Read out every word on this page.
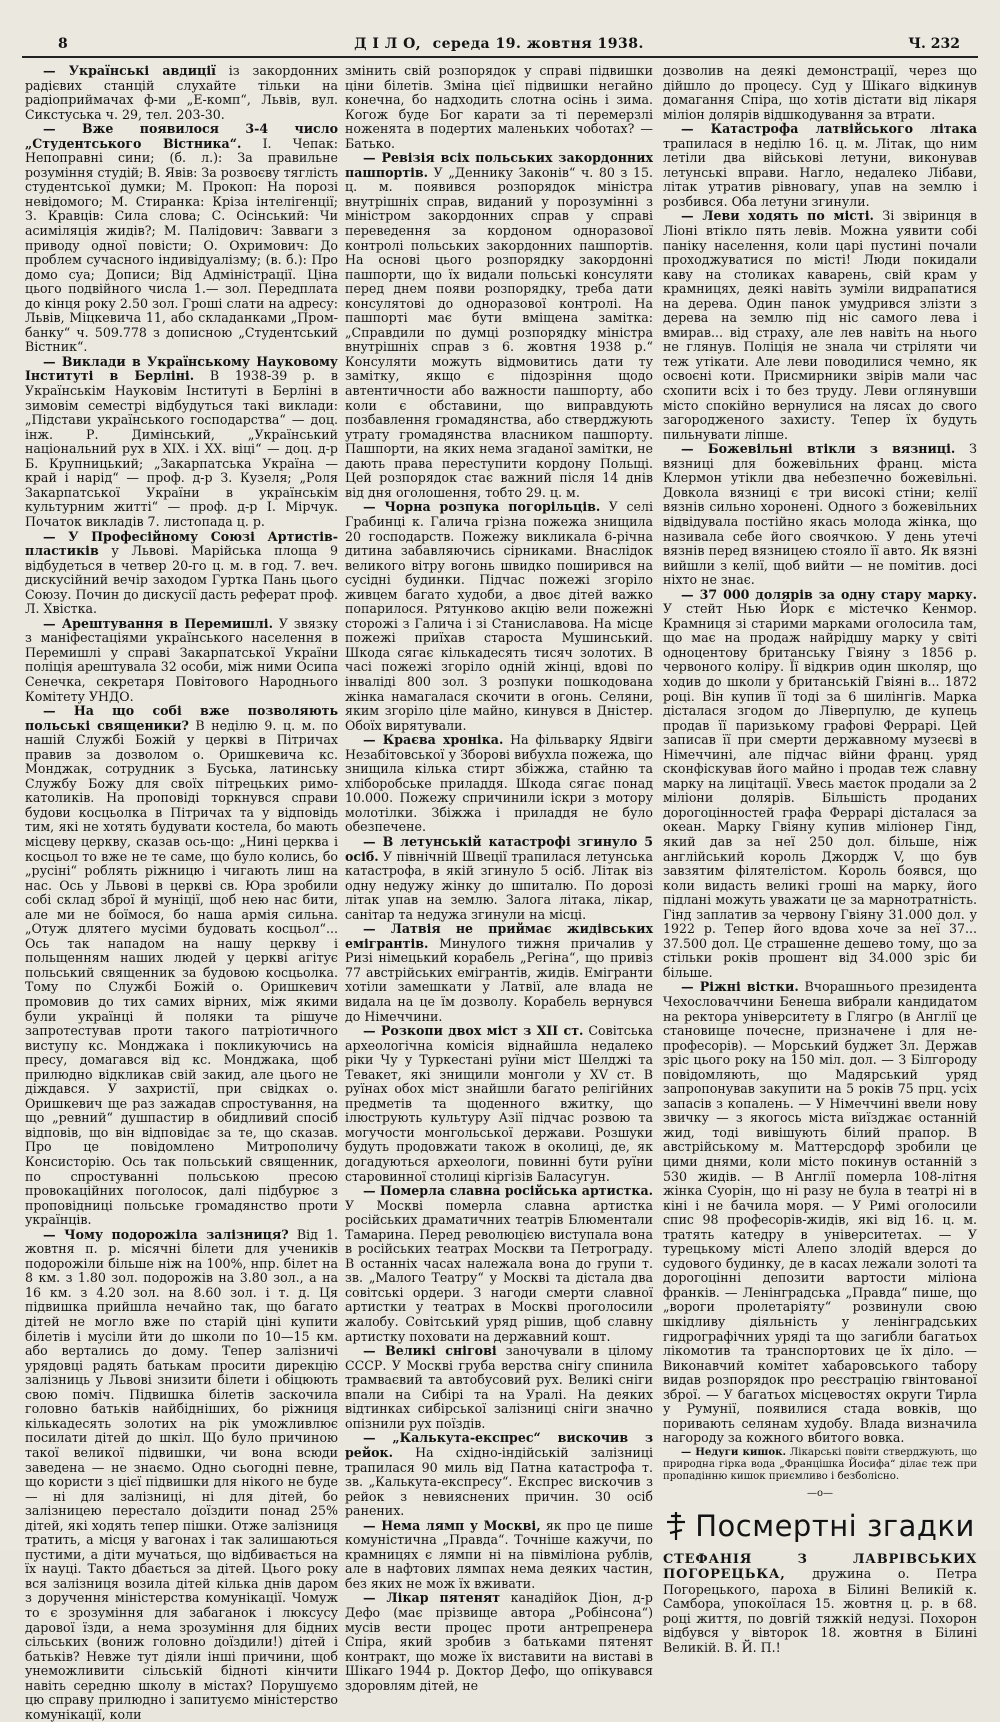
8	Д І Л О, середа 19. жовтня 1938.	Ч. 232

— Українські авдиції із закордонних радієвих станцій слухайте тільки на радіоприймачах ф-ми „Е-комп“, Львів, вул. Сикстуська ч. 29, тел. 203-30.

— Вже появилося 3-4 число „Студентського Вістника“. І. Чепак: Непоправні сини; (б. л.): За правильне розуміння студій; В. Явів: За розвоєву тяглість студентської думки; М. Прокоп: На порозі невідомого; М. Стиранка: Кріза інтелігенції; З. Кравців: Сила слова; С. Осінський: Чи асиміляція жидів?; М. Палідович: Завваги з приводу одної повісти; О. Охримович: До проблем сучасного індивідуалізму; (в. б.): Про домо суа; Дописи; Від Адміністрації. Ціна цього подвійного числа 1.— зол. Передплата до кінця року 2.50 зол. Гроші слати на адресу: Львів, Міцкевича 11, або складанками „Пром-банку“ ч. 509.778 з дописною „Студентський Вістник“.

— Виклади в Українському Науковому Інституті в Берліні. В 1938-39 р. в Українськім Науковім Інституті в Берліні в зимовім семестрі відбудуться такі виклади: „Підстави українського господарства“ — доц. інж. Р. Димінський, „Український національний рух в XIX. і XX. віці“ — доц. д-р Б. Крупницький; „Закарпатська Україна — край і нарід“ — проф. д-р З. Кузеля; „Роля Закарпатської України в українськім культурним житті“ — проф. д-р І. Мірчук. Початок викладів 7. листопада ц. р.

— У Професійному Союзі Артистів-пластиків у Львові. Марійська площа 9 відбудеться в четвер 20-го ц. м. в год. 7. веч. дискусійний вечір заходом Гуртка Пань цього Союзу. Почин до дискусії дасть реферат проф. Л. Хвістка.

— Арештування в Перемишлі. У звязку з маніфестаціями українського населення в Перемишлі у справі Закарпатської України поліція арештувала 32 особи, між ними Осипа Сенечка, секретаря Повітового Народнього Комітету УНДО.

— На що собі вже позволяють польські священики? В неділю 9. ц. м. по нашій Службі Божій у церкві в Пітричах правив за дозволом о. Оришкевича кс. Монджак, сотрудник з Буська, латинську Службу Божу для своїх пітрецьких римо-католиків. На проповіді торкнувся справи будови косцьолка в Пітричах та у відповідь тим, які не хотять будувати костела, бо мають місцеву церкву, сказав ось-що: „Нині церква і косцьол то вже не те саме, що було колись, бо „русіні“ роблять ріжницю і чигають лиш на нас. Ось у Львові в церкві св. Юра зробили собі склад зброї й муніції, щоб нею нас бити, але ми не боїмося, бо наша армія сильна. „Отуж длятего мусіми будовать косцьол“... Ось так нападом на нашу церкву і польщенням наших людей у церкві агітує польський священник за будовою косцьолка. Тому по Службі Божій о. Оришкевич промовив до тих самих вірних, між якими були українці й поляки та рішуче запротестував проти такого патріотичного виступу кс. Монджака і покликуючись на пресу, домагався від кс. Монджака, щоб прилюдно відкликав свій закид, але цього не діждався. У захристії, при свідках о. Оришкевич ще раз зажадав спростування, на що „ревний“ душпастир в обидливий спосіб відповів, що він відповідає за те, що сказав. Про це повідомлено Митрополичу Консисторію. Ось так польський священник, по спростуванні польською пресою провокаційних поголосок, далі підбурює з проповідниці польське громадянство проти українців.

— Чому подорожіла залізниця? Від 1. жовтня п. р. місячні білети для учеників подорожіли більше ніж на 100%, нпр. білет на 8 км. з 1.80 зол. подорожів на 3.80 зол., а на 16 км. з 4.20 зол. на 8.60 зол. і т. д. Ця підвишка прийшла нечайно так, що багато дітей не могло вже по старій ціні купити білетів і мусіли йти до школи по 10—15 км. або вертались до дому. Тепер залізничі урядовці радять батькам просити дирекцію залізниць у Львові знизити білети і обіцюють свою поміч. Підвишка білетів заскочила головно батьків найбідніших, бо ріжниця кількадесять золотих на рік уможливлює посилати дітей до шкіл. Що було причиною такої великої підвишки, чи вона всюди заведена — не знаємо. Одно сьогодні певне, що користи з цієї підвишки для нікого не буде — ні для залізниці, ні для дітей, бо залізницею перестало доїздити понад 25% дітей, які ходять тепер пішки. Отже залізниця тратить, а місця у вагонах і так залишаються пустими, а діти мучаться, що відбивається на їх науці. Такто дбається за дітей. Цього року вся залізниця возила дітей кілька днів даром з доручення міністерства комунікації. Чомуж то є зрозуміння для забаганок і люксусу дарової їзди, а нема зрозуміння для бідних сільських (вониж головно доїздили!) дітей і батьків? Невже тут діяли інші причини, щоб унеможливити сільській бідноті кінчити навіть середню школу в містах? Порушуємо цю справу прилюдно і запитуємо міністерство комунікації, коли

змінить свій розпорядок у справі підвишки ціни білетів. Зміна цієї підвишки негайно конечна, бо надходить слотна осінь і зима. Когож буде Бог карати за ті перемерзлі ноженята в подертих маленьких чоботах? — Батько.

— Ревізія всіх польських закордонних пашпортів. У „Деннику Законів“ ч. 80 з 15. ц. м. появився розпорядок міністра внутрішніх справ, виданий у порозумінні з міністром закордонних справ у справі переведення за кордоном одноразової контролі польських закордонних пашпортів. На основі цього розпорядку закордонні пашпорти, що їх видали польські консуляти перед днем появи розпорядку, треба дати консулятові до одноразової контролі. На пашпорті має бути вміщена замітка: „Справдили по думці розпорядку міністра внутрішніх справ з 6. жовтня 1938 р.“ Консуляти можуть відмовитись дати ту замітку, якщо є підозріння щодо автентичности або важности пашпорту, або коли є обставини, що виправдують позбавлення громадянства, або стверджують утрату громадянства власником пашпорту. Пашпорти, на яких нема згаданої замітки, не дають права переступити кордону Польщі. Цей розпорядок стає важний після 14 днів від дня оголошення, тобто 29. ц. м.

— Чорна розпука погорільців. У селі Грабинці к. Галича грізна пожежа знищила 20 господарств. Пожежу викликала 6-річна дитина забавляючись сірниками. Внаслідок великого вітру вогонь швидко поширився на сусідні будинки. Підчас пожежі згоріло живцем багато худоби, а двоє дітей важко попарилося. Рятунково акцію вели пожежні сторожі з Галича і зі Станиславова. На місце пожежі приїхав староста Мушинський. Шкода сягає кількадесять тисяч золотих. В часі пожежі згоріло одній жінці, вдові по інваліді 800 зол. З розпуки пошкодована жінка намагалася скочити в огонь. Селяни, яким згоріло ціле майно, кинувся в Дністер. Обоїх вирятували.

— Краєва хроніка. На фільварку Ядвіги Незабітовської у Зборові вибухла пожежа, що знищила кілька стирт збіжжа, стайню та хліборобське приладдя. Шкода сягає понад 10.000. Пожежу спричинили іскри з мотору молотілки. Збіжжа і приладдя не було обезпечене.

— В летунській катастрофі згинуло 5 осіб. У північній Швеції трапилася летунська катастрофа, в якій згинуло 5 осіб. Літак віз одну недужу жінку до шпиталю. По дорозі літак упав на землю. Залога літака, лікар, санітар та недужа згинули на місці.

— Латвія не приймає жидівських емігрантів. Минулого тижня причалив у Ризі німецький корабель „Регіна“, що привіз 77 австрійських емігрантів, жидів. Емігранти хотіли замешкати у Латвії, але влада не видала на це їм дозволу. Корабель вернувся до Німеччини.

— Розкопи двох міст з XII ст. Совітська археологічна комісія віднайшла недалеко ріки Чу у Туркестані руїни міст Шелджі та Тевакет, які знищили монголи у XV ст. В руїнах обох міст знайшли багато релігійних предметів та щоденного вжитку, що ілюструють культуру Азії підчас розвою та могучости монгольської держави. Розшуки будуть продовжати також в околиці, де, як догадуються археологи, повинні бути руїни старовинної столиці кіргізів Баласугун.

— Померла славна російська артистка. У Москві померла славна артистка російських драматичних театрів Блюментали Тамарина. Перед революцією виступала вона в російських театрах Москви та Петрограду. В останніх часах належала вона до групи т. зв. „Малого Театру“ у Москві та дістала два совітські ордери. З нагоди смерти славної артистки у театрах в Москві проголосили жалобу. Совітський уряд рішив, щоб славну артистку поховати на державний кошт.

— Великі снігові заночували в цілому СССР. У Москві груба верства снігу спинила трамваєвий та автобусовий рух. Великі сніги впали на Сибірі та на Уралі. На деяких відтинках сибірської залізниці сніги значно опізнили рух поїздів.

— „Калькута-експрес“ вискочив з рейок. На східно-індійській залізниці трапилася 90 миль від Патна катастрофа т. зв. „Калькута-експресу“. Експрес вискочив з рейок з невияснених причин. 30 осіб ранених.

— Нема лямп у Москві, як про це пише комуністична „Правда“. Точніше кажучи, по крамницях є лямпи ні на півміліона рублів, але в нафтових лямпах нема деяких частин, без яких не мож їх вживати.

— Лікар пятенят канадійок Діон, д-р Дефо (має прізвище автора „Робінсона“) мусів вести процес проти антрепренера Спіра, який зробив з батьками пятенят контракт, що може їх виставити на виставі в Шікаго 1944 р. Доктор Дефо, що опікувався здоровлям дітей, не

дозволив на деякі демонстрації, через що дійшло до процесу. Суд у Шікаго відкинув домагання Спіра, що хотів дістати від лікаря міліон долярів відшкодування за втрати.

— Катастрофа латвійського літака трапилася в неділю 16. ц. м. Літак, що ним летіли два військові летуни, виконував летунські вправи. Нагло, недалеко Лібави, літак утратив рівновагу, упав на землю і розбився. Оба летуни згинули.

— Леви ходять по місті. Зі звіринця в Ліоні втікло пять левів. Можна уявити собі паніку населення, коли царі пустині почали проходжуватися по місті! Люди покидали каву на столиках каварень, свій крам у крамницях, деякі навіть зуміли видрапатися на дерева. Один панок умудрився злізти з дерева на землю під ніс самого лева і вмирав... від страху, але лев навіть на нього не глянув. Поліція не знала чи стріляти чи теж утікати. Але леви поводилися чемно, як освоєні коти. Присмирники звірів мали час схопити всіх і то без труду. Леви оглянувши місто спокійно вернулися на лясах до свого загородженого захисту. Тепер їх будуть пильнувати ліпше.

— Божевільні втікли з вязниці. З вязниці для божевільних франц. міста Клермон утікли два небезпечно божевільні. Довкола вязниці є три високі стіни; келії вязнів сильно хоронені. Одного з божевільних відвідувала постійно якась молода жінка, що називала себе його своячкою. У день утечі вязнів перед вязницею стояло її авто. Як вязні вийшли з келії, щоб вийти — не помітив. досі ніхто не знає.

— 37 000 долярів за одну стару марку. У стейт Нью Йорк є містечко Кенмор. Крамниця зі старими марками оголосила там, що має на продаж найрідшу марку у світі одноцентову британську Гвіяну з 1856 р. червоного коліру. Її відкрив один школяр, що ходив до школи у британській Гвіяні в... 1872 році. Він купив її тоді за 6 шилінгів. Марка дісталася згодом до Ліверпулю, де купець продав її паризькому графові Феррарі. Цей записав її при смерти державному музеєві в Німеччині, але підчас війни франц. уряд сконфіскував його майно і продав теж славну марку на лицітації. Увесь маєток продали за 2 міліони долярів. Більшість проданих дорогоцінностей графа Феррарі дісталася за океан. Марку Гвіяну купив міліонер Гінд, який дав за неї 250 дол. більше, ніж англійський король Джордж V, що був завзятим філятелістом. Король боявся, що коли видасть великі гроші на марку, його підлані можуть уважати це за марнотратність. Гінд заплатив за червону Гвіяну 31.000 дол. у 1922 р. Тепер його вдова хоче за неї 37... 37.500 дол. Це страшенне дешево тому, що за стільки років прошент від 34.000 зріс би більше.

— Ріжні вістки. Вчорашнього президента Чехословаччини Бенеша вибрали кандидатом на ректора університету в Глягро (в Англії це становище почесне, призначене і для не-професорів). — Морський буджет Зл. Держав зріс цього року на 150 міл. дол. — З Білгороду повідомляють, що Мадярський уряд запропонував закупити на 5 років 75 прц. усіх запасів з копалень. — У Німеччині ввели нову звичку — з якогось міста виїзджає останній жид, тоді вивішують білий прапор. В австрійському м. Маттерсдорф зробили це цими днями, коли місто покинув останній з 530 жидів. — В Англії померла 108-літня жінка Суорін, що ні разу не була в театрі ні в кіні і не бачила моря. — У Римі оголосили спис 98 професорів-жидів, які від 16. ц. м. тратять катедру в університетах. — У турецькому місті Алепо злодій вдерся до судового будинку, де в касах лежали золоті та дорогоцінні депозити вартости міліона франків. — Ленінградська „Правда“ пише, що „вороги пролетаріяту“ розвинули свою шкідливу діяльність у ленінградських гидрографічних уряді та що загибли багатьох лікомотив та транспортових це їх діло. — Виконавчий комітет хабаровського табору видав розпорядок про реєстрацію гвінтованої зброї. — У багатьох місцевостях округи Тирла у Румунії, появилися стада вовків, що поривають селянам худобу. Влада визначила нагороду за кожного вбитого вовка.

— Недуги кишок. Лікарські повіти стверджують, що природна гірка вода „Францішка Йосифа“ ділає теж при пропадінню кишок приємливо і безболісно.

—o—
Посмертні згадки

СТЕФАНІЯ З ЛАВРІВСЬКИХ ПОГОРЕЦЬКА, дружина о. Петра Погорецького, пароха в Білині Великій к. Самбора, упокоїлася 15. жовтня ц. р. в 68. році життя, по довгій тяжкій недузі. Похорон відбувся у вівторок 18. жовтня в Білині Великій. В. Й. П.!
